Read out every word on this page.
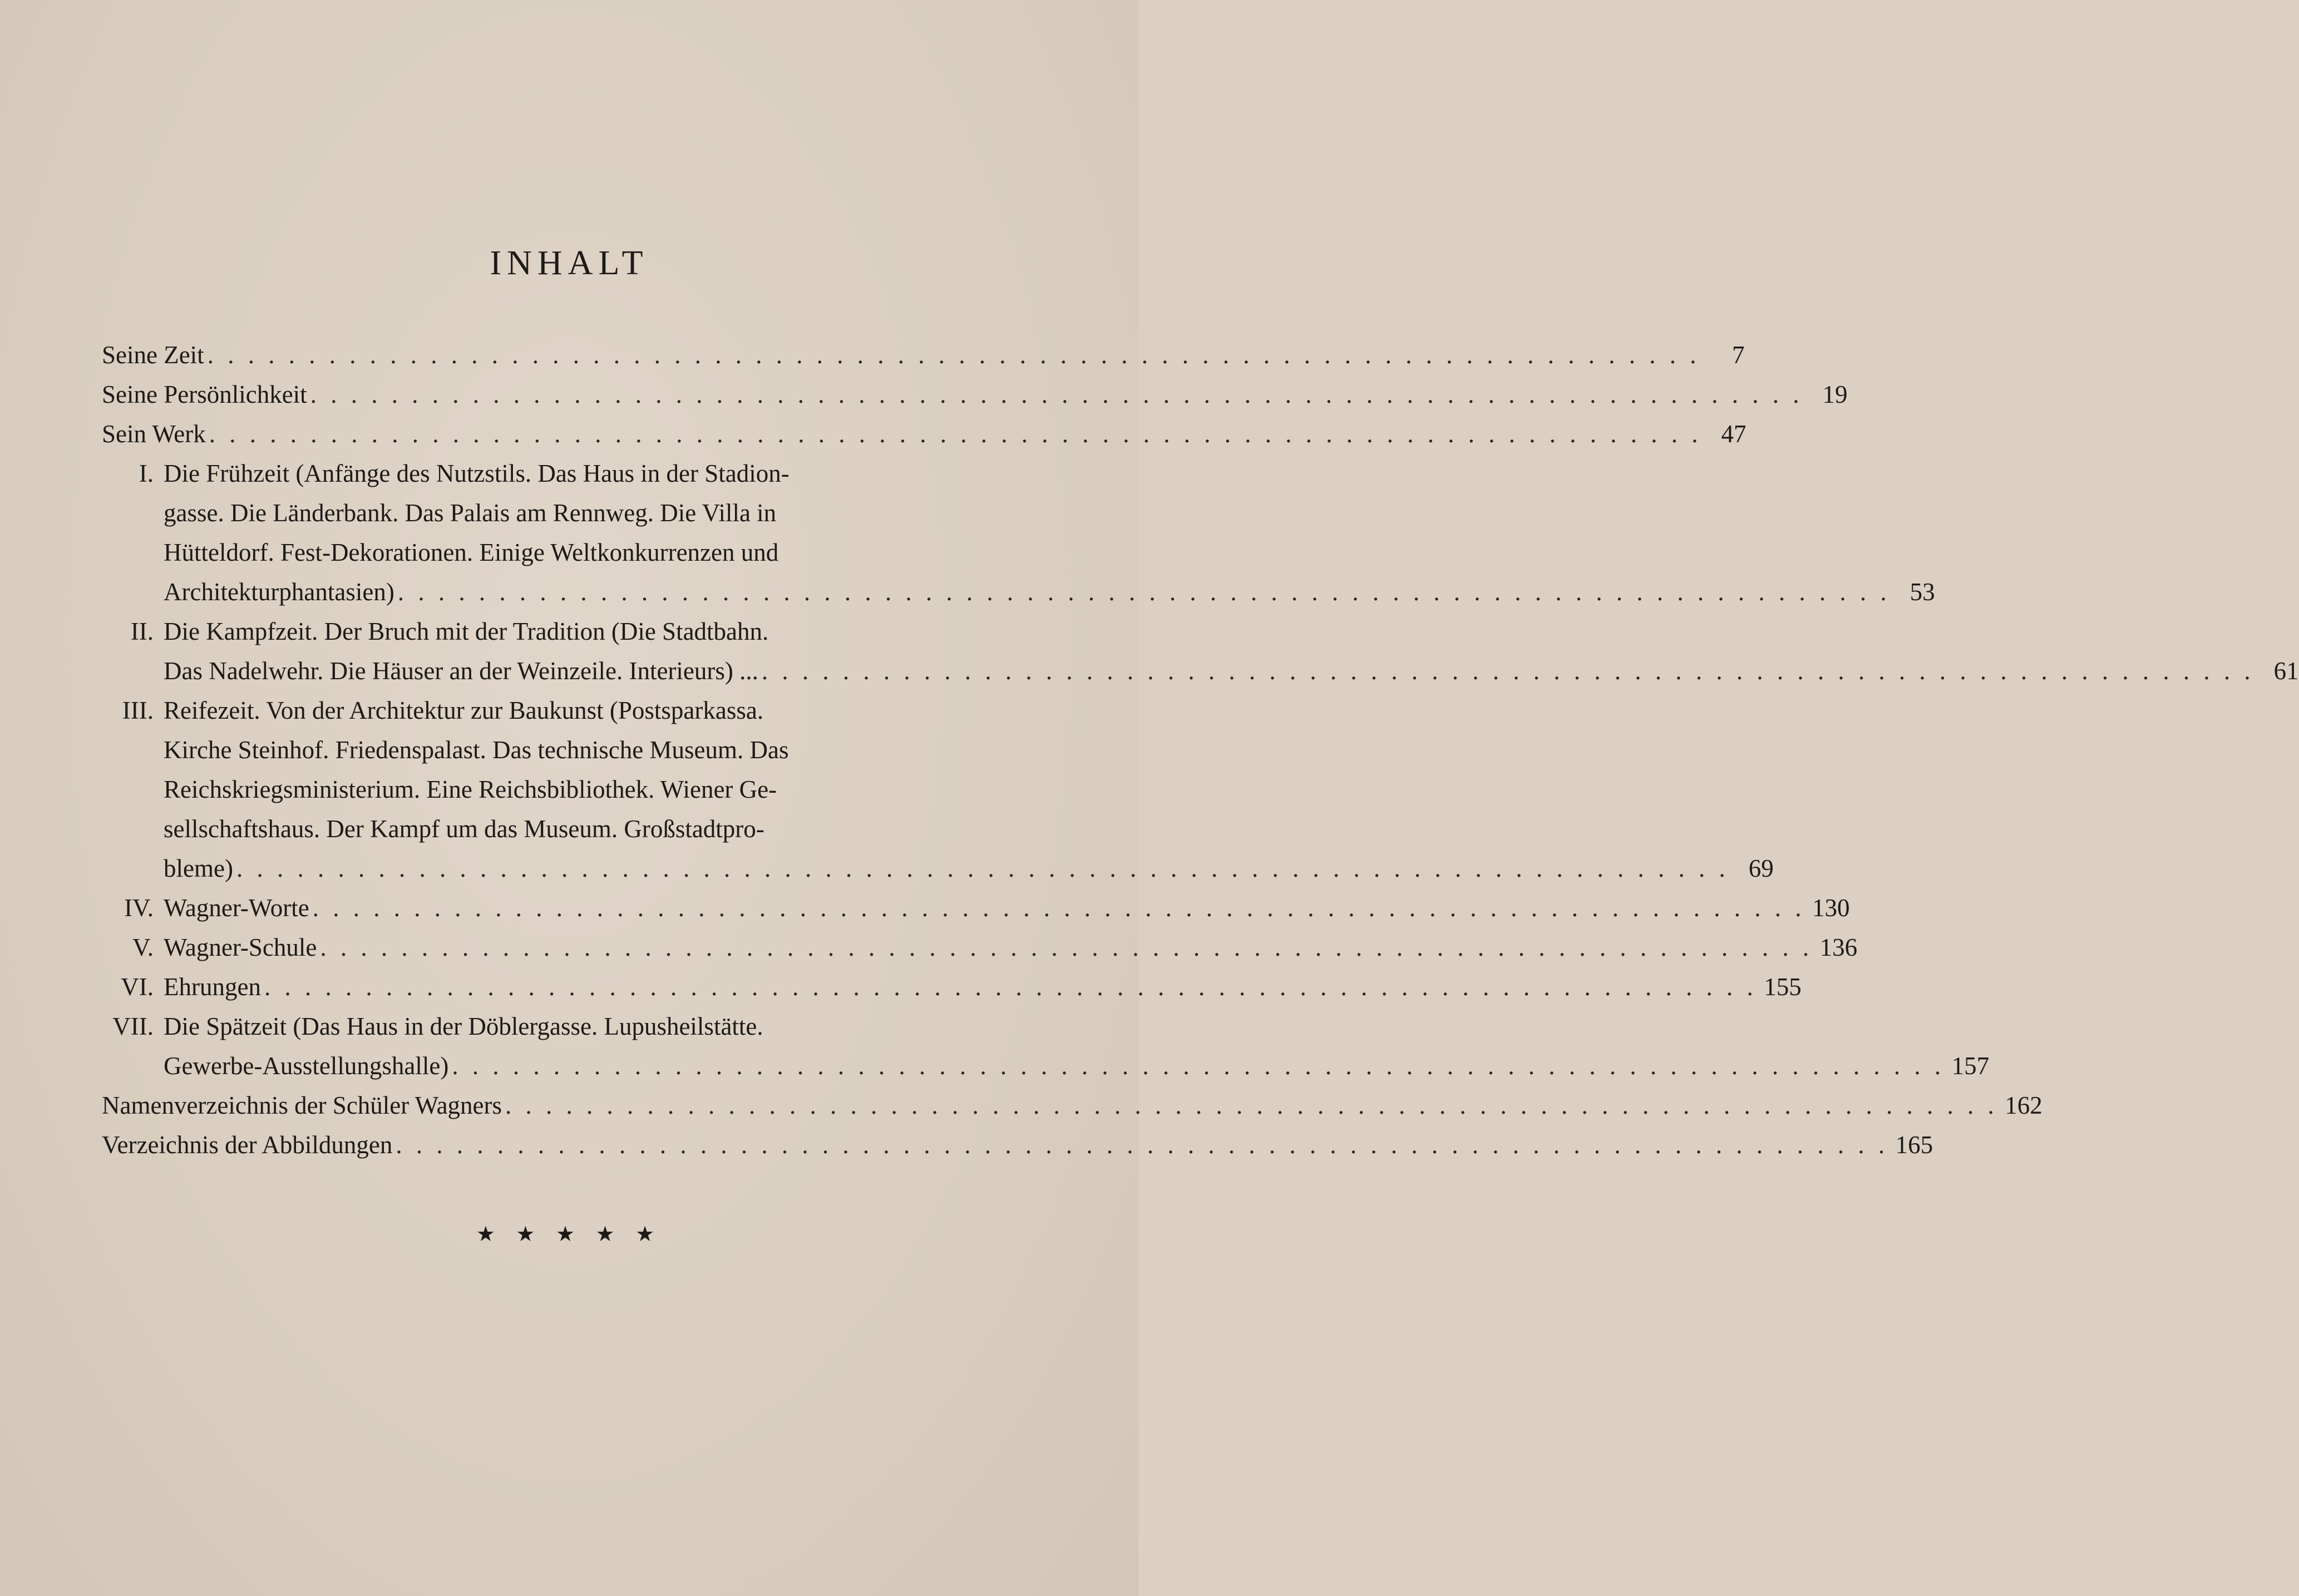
INHALT
Seine Zeit . . . . . . . . . . . . . . . . . . . . . . . . . . . . . . . . . . . . . . . . . . . . . . . . . . . . . . . . . . . . . . . . . . . . . . . . . .	7
Seine Persönlichkeit . . . . . . . . . . . . . . . . . . . . . . . . . . . . . . . . . . . . . . . . . . . . . . . . . . . . . . . . . . . . . . . . . . . . . . . . . . 19
Sein Werk . . . . . . . . . . . . . . . . . . . . . . . . . . . . . . . . . . . . . . . . . . . . . . . . . . . . . . . . . . . . . . . . . . . . . . . . . . 47
I. Die Frühzeit (Anfänge des Nutzstils. Das Haus in der Stadion-
gasse. Die Länderbank. Das Palais am Rennweg. Die Villa in
Hütteldorf. Fest-Dekorationen. Einige Weltkonkurrenzen und
Architekturphantasien) . . . . . . . . . . . . . . . . . . . . . . . . . . . . . . . . . . . . . . . . . . . . . . . . . . . . . . . . . . . . . . . . . . . . . . . . . . 53
II. Die Kampfzeit. Der Bruch mit der Tradition (Die Stadtbahn.
Das Nadelwehr. Die Häuser an der Weinzeile. Interieurs) ... . . . . . . . . . . . . . . . . . . . . . . . . . . . . . . . . . . . . . . . . . . . . . . . . . . . . . . . . . . . . . . . . . . . . . . . . . . 61
III. Reifezeit. Von der Architektur zur Baukunst (Postsparkassa.
Kirche Steinhof. Friedenspalast. Das technische Museum. Das
Reichskriegsministerium. Eine Reichsbibliothek. Wiener Ge-
sellschaftshaus. Der Kampf um das Museum. Großstadtpro-
bleme) . . . . . . . . . . . . . . . . . . . . . . . . . . . . . . . . . . . . . . . . . . . . . . . . . . . . . . . . . . . . . . . . . . . . . . . . . . 69
IV. Wagner-Worte . . . . . . . . . . . . . . . . . . . . . . . . . . . . . . . . . . . . . . . . . . . . . . . . . . . . . . . . . . . . . . . . . . . . . . . . . . 130
V. Wagner-Schule . . . . . . . . . . . . . . . . . . . . . . . . . . . . . . . . . . . . . . . . . . . . . . . . . . . . . . . . . . . . . . . . . . . . . . . . . . 136
VI. Ehrungen . . . . . . . . . . . . . . . . . . . . . . . . . . . . . . . . . . . . . . . . . . . . . . . . . . . . . . . . . . . . . . . . . . . . . . . . . . 155
VII. Die Spätzeit (Das Haus in der Döblergasse. Lupusheilstätte.
Gewerbe-Ausstellungshalle) . . . . . . . . . . . . . . . . . . . . . . . . . . . . . . . . . . . . . . . . . . . . . . . . . . . . . . . . . . . . . . . . . . . . . . . . . . 157
Namenverzeichnis der Schüler Wagners . . . . . . . . . . . . . . . . . . . . . . . . . . . . . . . . . . . . . . . . . . . . . . . . . . . . . . . . . . . . . . . . . . . . . . . . . . 162
Verzeichnis der Abbildungen . . . . . . . . . . . . . . . . . . . . . . . . . . . . . . . . . . . . . . . . . . . . . . . . . . . . . . . . . . . . . . . . . . . . . . . . . . 165
★ ★ ★ ★ ★
